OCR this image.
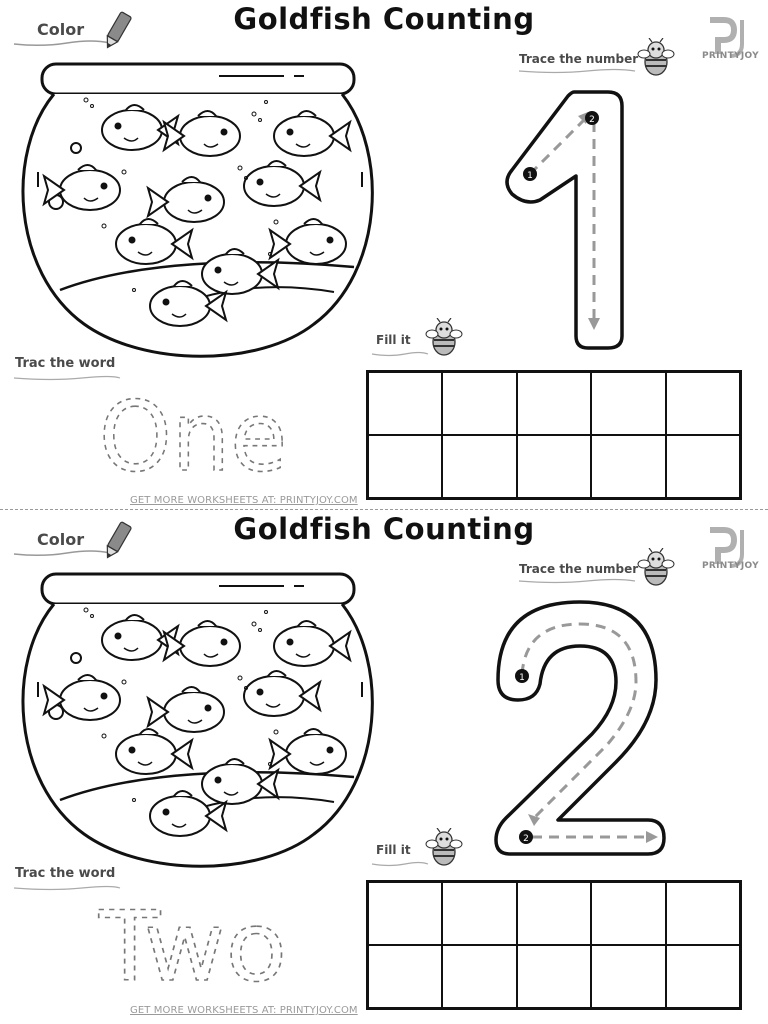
Goldfish Counting
Color
Trace the number	PRINTYJOY
1
2
Trac the word
One
Fill it
GET MORE WORKSHEETS AT: PRINTYJOY.COM
Goldfish Counting
Color
Trace the number	PRINTYJOY
1
2
Trac the word
Two
Fill it
GET MORE WORKSHEETS AT: PRINTYJOY.COM
